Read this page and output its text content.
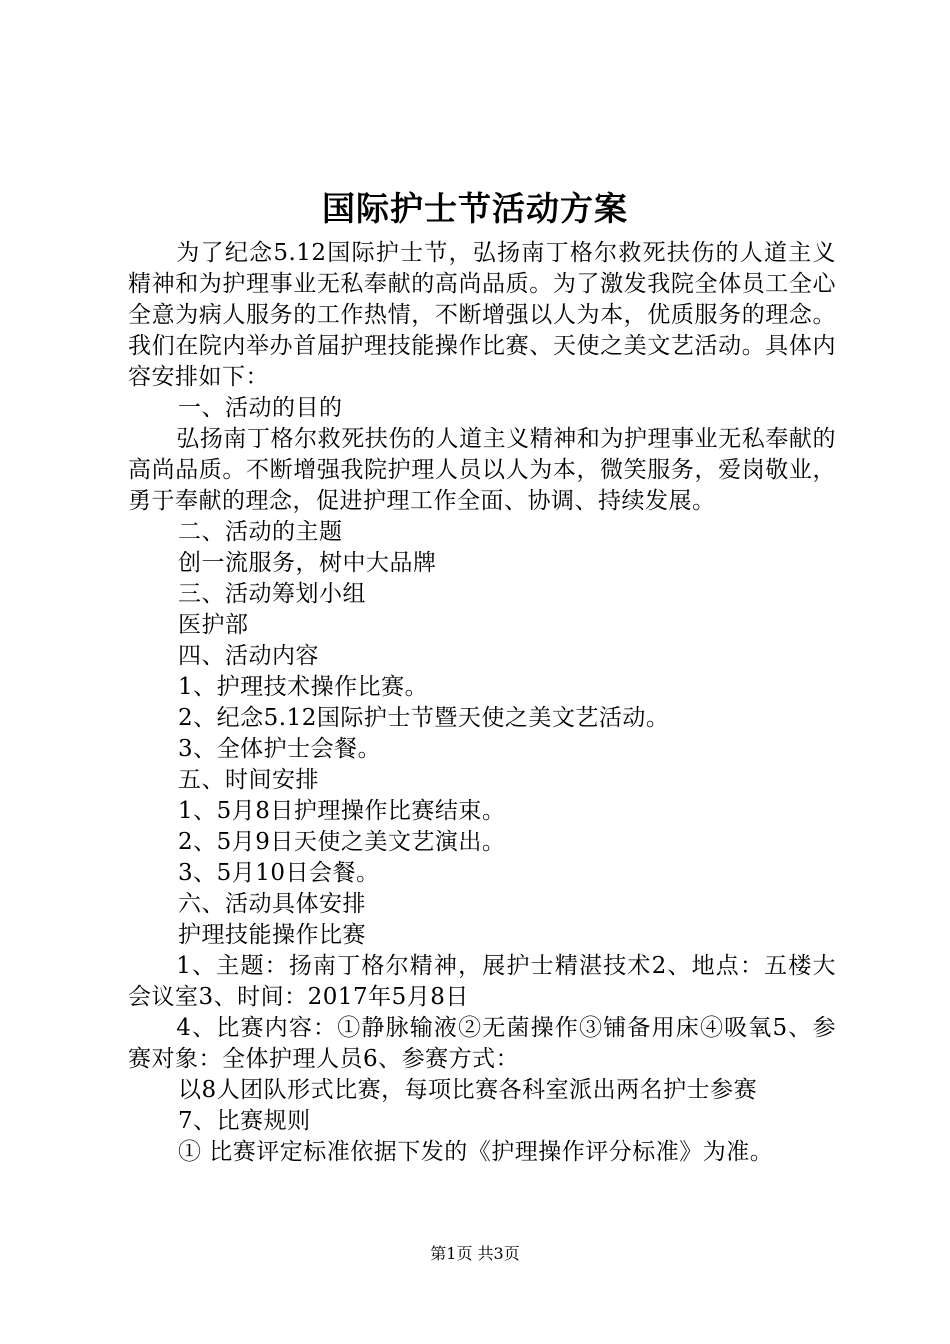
国际护士节活动方案

为了纪念5.12国际护士节，弘扬南丁格尔救死扶伤的人道主义精神和为护理事业无私奉献的高尚品质。为了激发我院全体员工全心全意为病人服务的工作热情，不断增强以人为本，优质服务的理念。我们在院内举办首届护理技能操作比赛、天使之美文艺活动。具体内容安排如下：

一、活动的目的

弘扬南丁格尔救死扶伤的人道主义精神和为护理事业无私奉献的高尚品质。不断增强我院护理人员以人为本，微笑服务，爱岗敬业，勇于奉献的理念，促进护理工作全面、协调、持续发展。

二、活动的主题

创一流服务，树中大品牌

三、活动筹划小组

医护部

四、活动内容

1、护理技术操作比赛。

2、纪念5.12国际护士节暨天使之美文艺活动。

3、全体护士会餐。

五、时间安排

1、5月8日护理操作比赛结束。

2、5月9日天使之美文艺演出。

3、5月10日会餐。

六、活动具体安排

护理技能操作比赛

1、主题：扬南丁格尔精神，展护士精湛技术2、地点：五楼大会议室3、时间：2017年5月8日

4、比赛内容：①静脉输液②无菌操作③铺备用床④吸氧5、参赛对象：全体护理人员6、参赛方式：

以8人团队形式比赛，每项比赛各科室派出两名护士参赛

7、比赛规则

① 比赛评定标准依据下发的《护理操作评分标准》为准。

第1页 共3页
